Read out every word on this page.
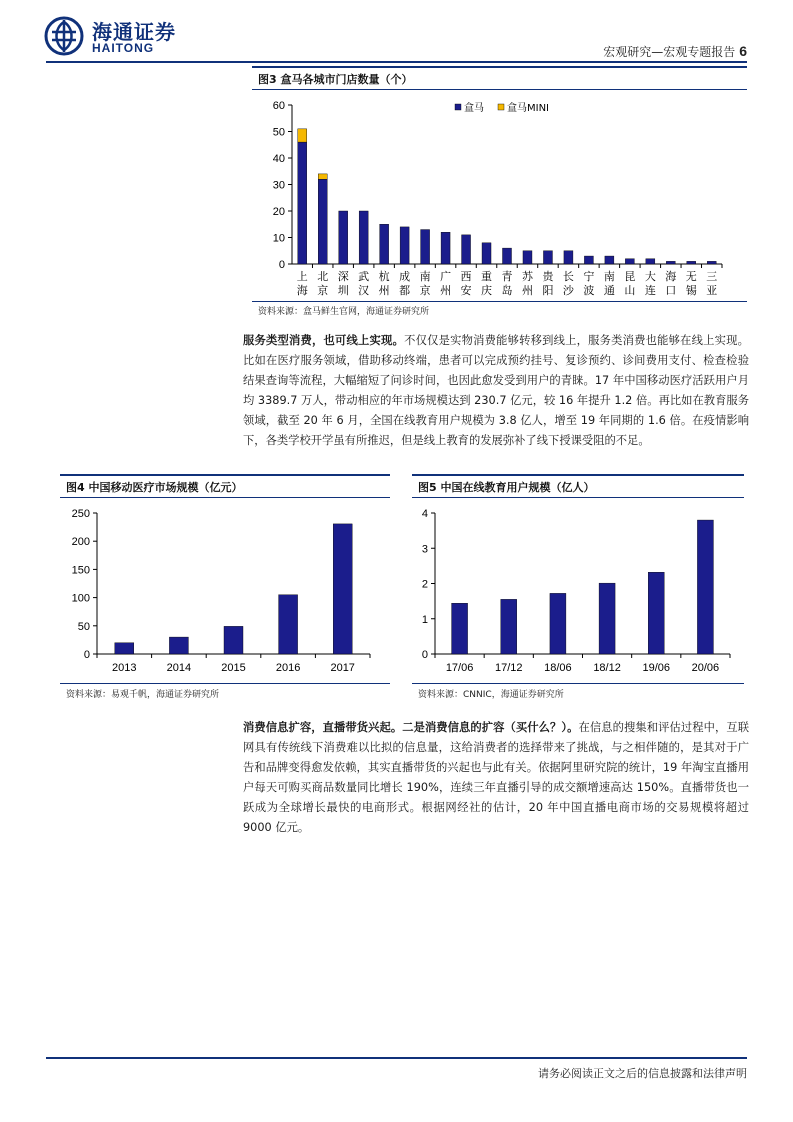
海通证券
HAITONG	宏观研究—宏观专题报告 6
图3 盒马各城市门店数量（个）
0
10
20
30
40
50
60
上
海
北
京
深
圳
武
汉
杭
州
成
都
南
京
广
州
西
安
重
庆
青
岛
苏
州
贵
阳
长
沙
宁
波
南
通
昆
山
大
连
海
口
无
锡
三
亚
盒马 盒马MINI
资料来源：盒马鲜生官网，海通证券研究所
服务类型消费，也可线上实现。不仅仅是实物消费能够转移到线上，服务类消费也能够在线上实现。比如在医疗服务领域，借助移动终端，患者可以完成预约挂号、复诊预约、诊间费用支付、检查检验结果查询等流程，大幅缩短了问诊时间，也因此愈发受到用户的青睐。17 年中国移动医疗活跃用户月均 3389.7 万人，带动相应的年市场规模达到 230.7 亿元，较 16 年提升 1.2 倍。再比如在教育服务领域，截至 20 年 6 月，全国在线教育用户规模为 3.8 亿人，增至 19 年同期的 1.6 倍。在疫情影响下，各类学校开学虽有所推迟，但是线上教育的发展弥补了线下授课受阻的不足。
图4 中国移动医疗市场规模（亿元）
0
50
100
150
200
250
2013	2014	2015	2016	2017
资料来源：易观千帆，海通证券研究所
图5 中国在线教育用户规模（亿人）
0
1
2
3
4
17/06 17/12 18/06 18/12 19/06 20/06
资料来源：CNNIC，海通证券研究所
消费信息扩容，直播带货兴起。二是消费信息的扩容（买什么？）。在信息的搜集和评估过程中，互联网具有传统线下消费难以比拟的信息量，这给消费者的选择带来了挑战，与之相伴随的，是其对于广告和品牌变得愈发依赖，其实直播带货的兴起也与此有关。依据阿里研究院的统计，19 年淘宝直播用户每天可购买商品数量同比增长 190%，连续三年直播引导的成交额增速高达 150%。直播带货也一跃成为全球增长最快的电商形式。根据网经社的估计，20 年中国直播电商市场的交易规模将超过 9000 亿元。
请务必阅读正文之后的信息披露和法律声明
